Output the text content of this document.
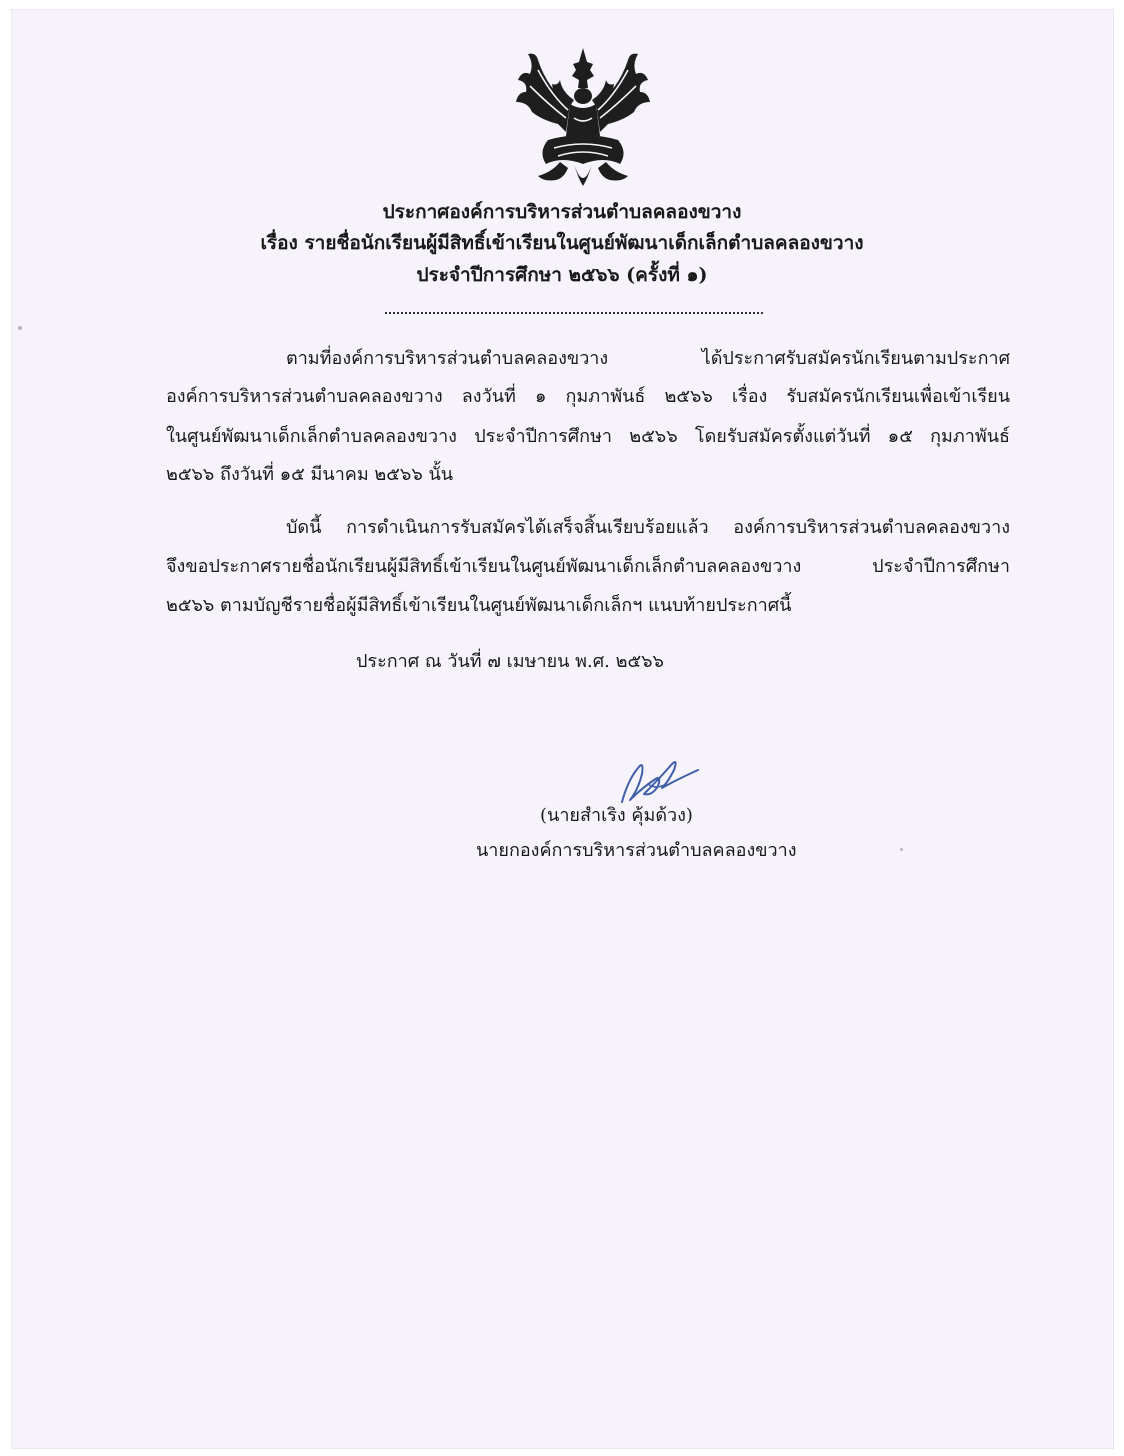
ประกาศองค์การบริหารส่วนตำบลคลองขวาง
เรื่อง รายชื่อนักเรียนผู้มีสิทธิ์เข้าเรียนในศูนย์พัฒนาเด็กเล็กตำบลคลองขวาง
ประจำปีการศึกษา ๒๕๖๖ (ครั้งที่ ๑)
ตามที่องค์การบริหารส่วนตำบลคลองขวาง ได้ประกาศรับสมัครนักเรียนตามประกาศ
องค์การบริหารส่วนตำบลคลองขวาง ลงวันที่ ๑ กุมภาพันธ์ ๒๕๖๖ เรื่อง รับสมัครนักเรียนเพื่อเข้าเรียน
ในศูนย์พัฒนาเด็กเล็กตำบลคลองขวาง ประจำปีการศึกษา ๒๕๖๖ โดยรับสมัครตั้งแต่วันที่ ๑๕ กุมภาพันธ์
๒๕๖๖ ถึงวันที่ ๑๕ มีนาคม ๒๕๖๖ นั้น
บัดนี้ การดำเนินการรับสมัครได้เสร็จสิ้นเรียบร้อยแล้ว องค์การบริหารส่วนตำบลคลองขวาง
จึงขอประกาศรายชื่อนักเรียนผู้มีสิทธิ์เข้าเรียนในศูนย์พัฒนาเด็กเล็กตำบลคลองขวาง ประจำปีการศึกษา
๒๕๖๖ ตามบัญชีรายชื่อผู้มีสิทธิ์เข้าเรียนในศูนย์พัฒนาเด็กเล็กฯ แนบท้ายประกาศนี้
ประกาศ ณ วันที่ ๗ เมษายน พ.ศ. ๒๕๖๖
(นายสำเริง คุ้มด้วง)
นายกองค์การบริหารส่วนตำบลคลองขวาง
